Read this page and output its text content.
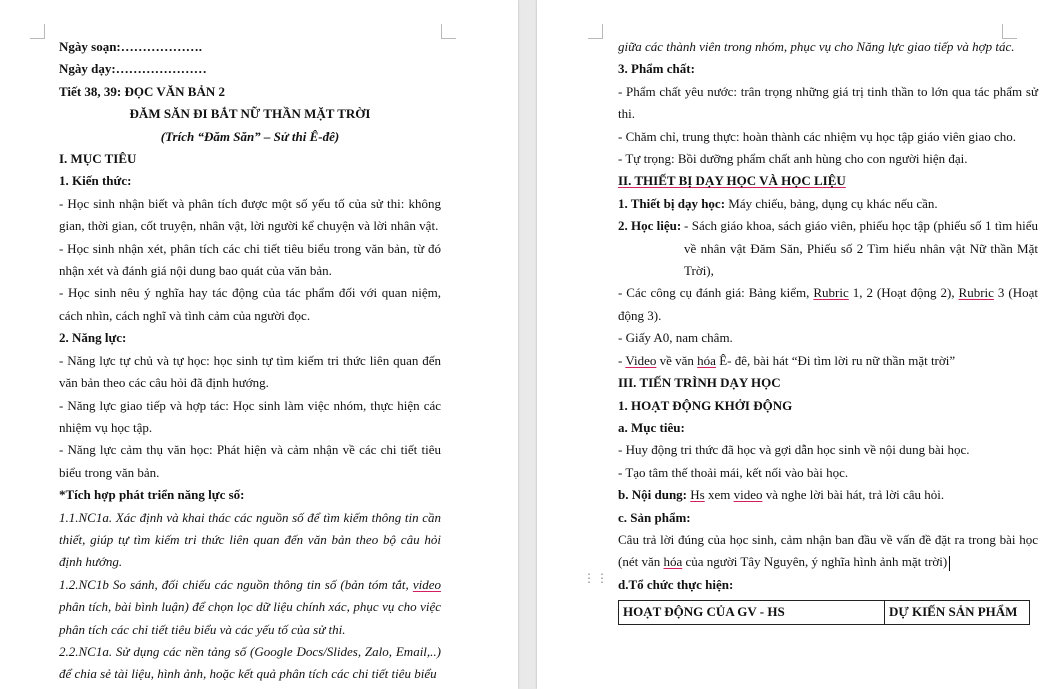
Ngày soạn:……………….

Ngày dạy:…………………

Tiết 38, 39: ĐỌC VĂN BẢN 2

ĐĂM SĂN ĐI BẮT NỮ THẦN MẶT TRỜI

(Trích “Đăm Săn” – Sử thi Ê-đê)

I. MỤC TIÊU

1. Kiến thức:

- Học sinh nhận biết và phân tích được một số yếu tố của sử thi: không gian, thời gian, cốt truyện, nhân vật, lời người kể chuyện và lời nhân vật.

- Học sinh nhận xét, phân tích các chi tiết tiêu biểu trong văn bản, từ đó nhận xét và đánh giá nội dung bao quát của văn bản.

- Học sinh nêu ý nghĩa hay tác động của tác phẩm đối với quan niệm, cách nhìn, cách nghĩ và tình cảm của người đọc.

2. Năng lực:

- Năng lực tự chủ và tự học: học sinh tự tìm kiếm tri thức liên quan đến văn bản theo các câu hỏi đã định hướng.

- Năng lực giao tiếp và hợp tác: Học sinh làm việc nhóm, thực hiện các nhiệm vụ học tập.

- Năng lực cảm thụ văn học: Phát hiện và cảm nhận về các chi tiết tiêu biểu trong văn bản.

*Tích hợp phát triển năng lực số:

1.1.NC1a. Xác định và khai thác các nguồn số để tìm kiếm thông tin cần thiết, giúp tự tìm kiếm tri thức liên quan đến văn bản theo bộ câu hỏi định hướng.

1.2.NC1b So sánh, đối chiếu các nguồn thông tin số (bản tóm tắt, video phân tích, bài bình luận) để chọn lọc dữ liệu chính xác, phục vụ cho việc phân tích các chi tiết tiêu biểu và các yếu tố của sử thi.

2.2.NC1a. Sử dụng các nền tảng số (Google Docs/Slides, Zalo, Email,..) để chia sẻ tài liệu, hình ảnh, hoặc kết quả phân tích các chi tiết tiêu biểu

⋮⋮

giữa các thành viên trong nhóm, phục vụ cho Năng lực giao tiếp và hợp tác.

3. Phẩm chất:

- Phẩm chất yêu nước: trân trọng những giá trị tinh thần to lớn qua tác phẩm sử thi.

- Chăm chỉ, trung thực: hoàn thành các nhiệm vụ học tập giáo viên giao cho.

- Tự trọng: Bồi dưỡng phẩm chất anh hùng cho con người hiện đại.

II. THIẾT BỊ DẠY HỌC VÀ HỌC LIỆU

1. Thiết bị dạy học: Máy chiếu, bảng, dụng cụ khác nếu cần.

2. Học liệu: - Sách giáo khoa, sách giáo viên, phiếu học tập (phiếu số 1 tìm hiểu về nhân vật Đăm Săn, Phiếu số 2 Tìm hiểu nhân vật Nữ thần Mặt Trời),

- Các công cụ đánh giá: Bảng kiểm, Rubric 1, 2 (Hoạt động 2), Rubric 3 (Hoạt động 3).

- Giấy A0, nam châm.

- Video về văn hóa Ê- đê, bài hát “Đi tìm lời ru nữ thần mặt trời”

III. TIẾN TRÌNH DẠY HỌC

1. HOẠT ĐỘNG KHỞI ĐỘNG

a. Mục tiêu:

- Huy động tri thức đã học và gợi dẫn học sinh về nội dung bài học.

- Tạo tâm thế thoải mái, kết nối vào bài học.

b. Nội dung: Hs xem video và nghe lời bài hát, trả lời câu hỏi.

c. Sản phẩm:

Câu trả lời đúng của học sinh, cảm nhận ban đầu về vấn đề đặt ra trong bài học (nét văn hóa của người Tây Nguyên, ý nghĩa hình ảnh mặt trời)

d.Tổ chức thực hiện:

HOẠT ĐỘNG CỦA GV - HS	DỰ KIẾN SẢN PHẨM
